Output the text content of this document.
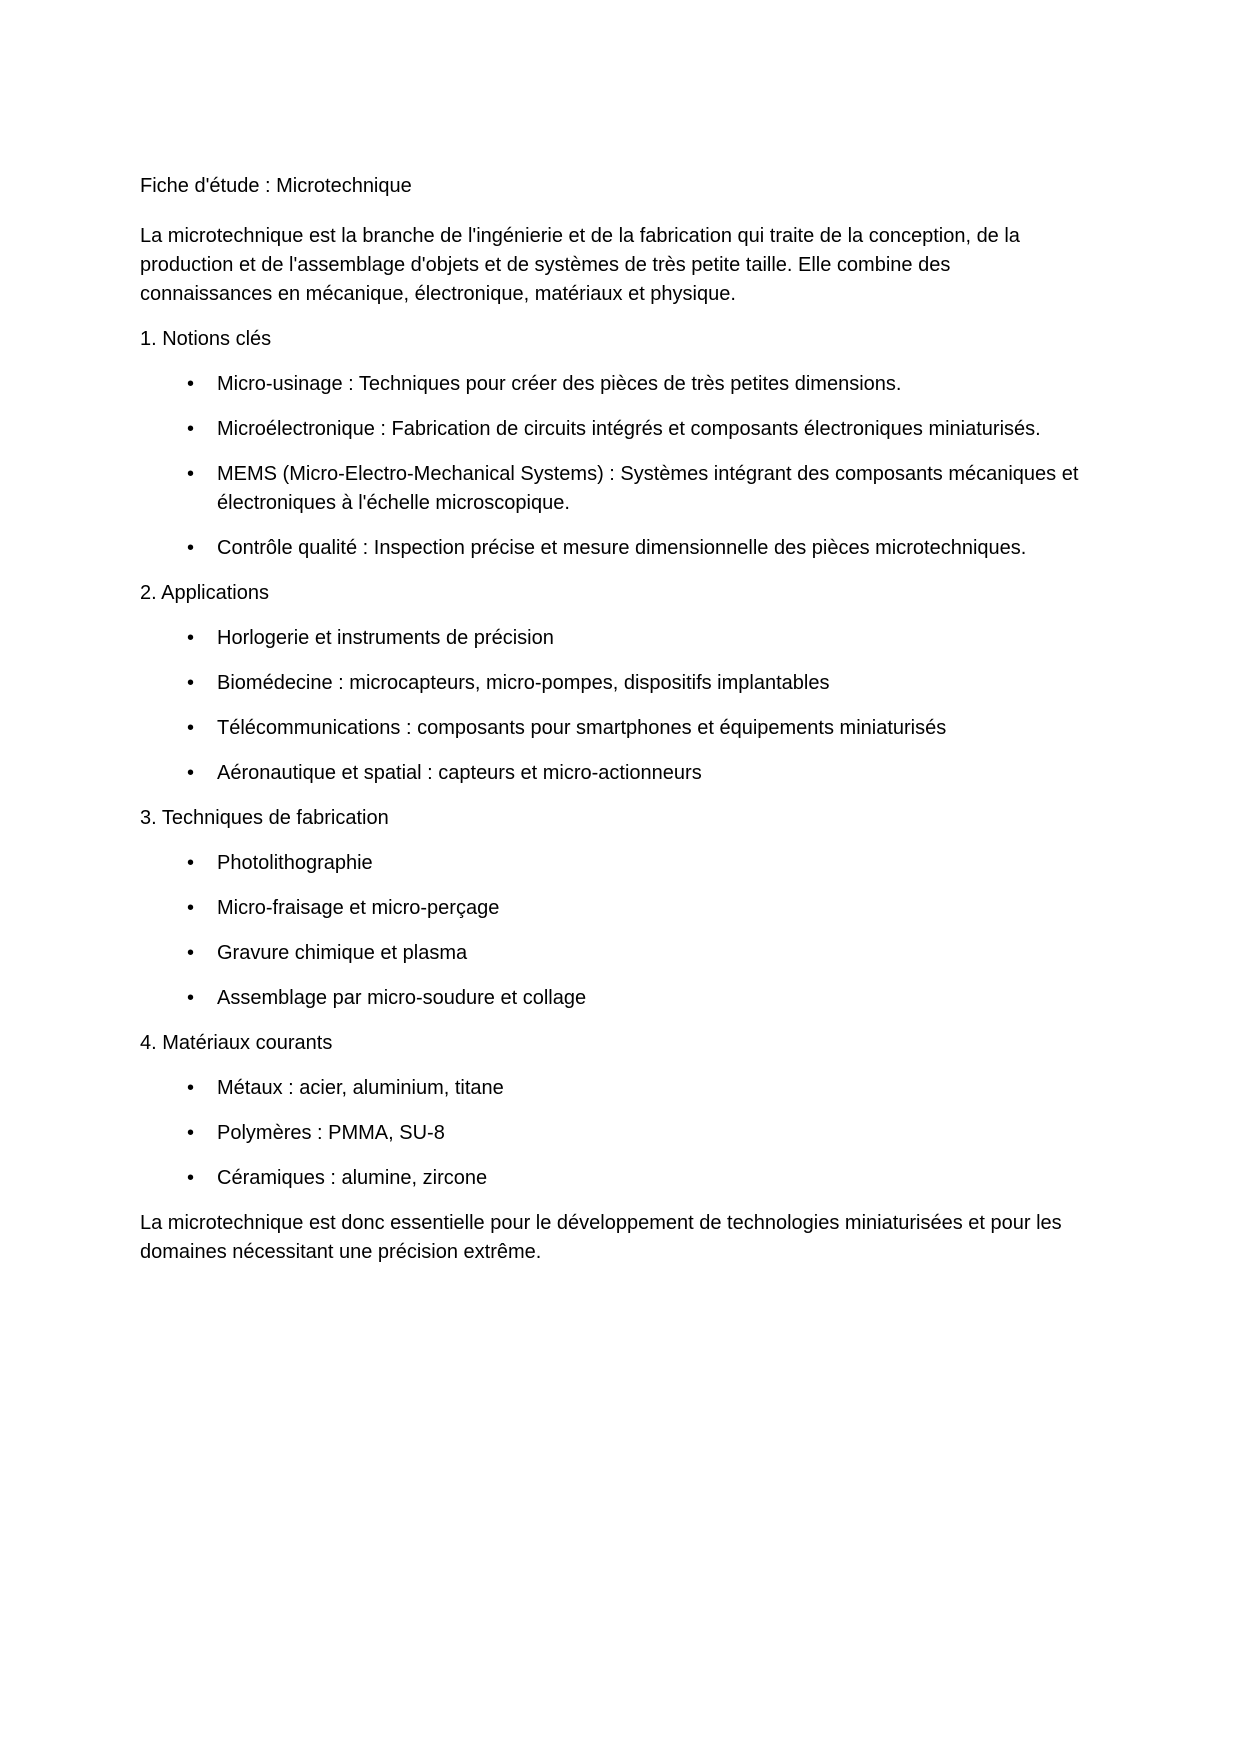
Fiche d'étude : Microtechnique

La microtechnique est la branche de l'ingénierie et de la fabrication qui traite de la conception, de la production et de l'assemblage d'objets et de systèmes de très petite taille. Elle combine des connaissances en mécanique, électronique, matériaux et physique.

1. Notions clés

•	Micro-usinage : Techniques pour créer des pièces de très petites dimensions.
•	Microélectronique : Fabrication de circuits intégrés et composants électroniques miniaturisés.
•	MEMS (Micro-Electro-Mechanical Systems) : Systèmes intégrant des composants mécaniques et électroniques à l'échelle microscopique.
•	Contrôle qualité : Inspection précise et mesure dimensionnelle des pièces microtechniques.

2. Applications

•	Horlogerie et instruments de précision
•	Biomédecine : microcapteurs, micro-pompes, dispositifs implantables
•	Télécommunications : composants pour smartphones et équipements miniaturisés
•	Aéronautique et spatial : capteurs et micro-actionneurs

3. Techniques de fabrication

•	Photolithographie
•	Micro-fraisage et micro-perçage
•	Gravure chimique et plasma
•	Assemblage par micro-soudure et collage

4. Matériaux courants

•	Métaux : acier, aluminium, titane
•	Polymères : PMMA, SU-8
•	Céramiques : alumine, zircone

La microtechnique est donc essentielle pour le développement de technologies miniaturisées et pour les domaines nécessitant une précision extrême.
